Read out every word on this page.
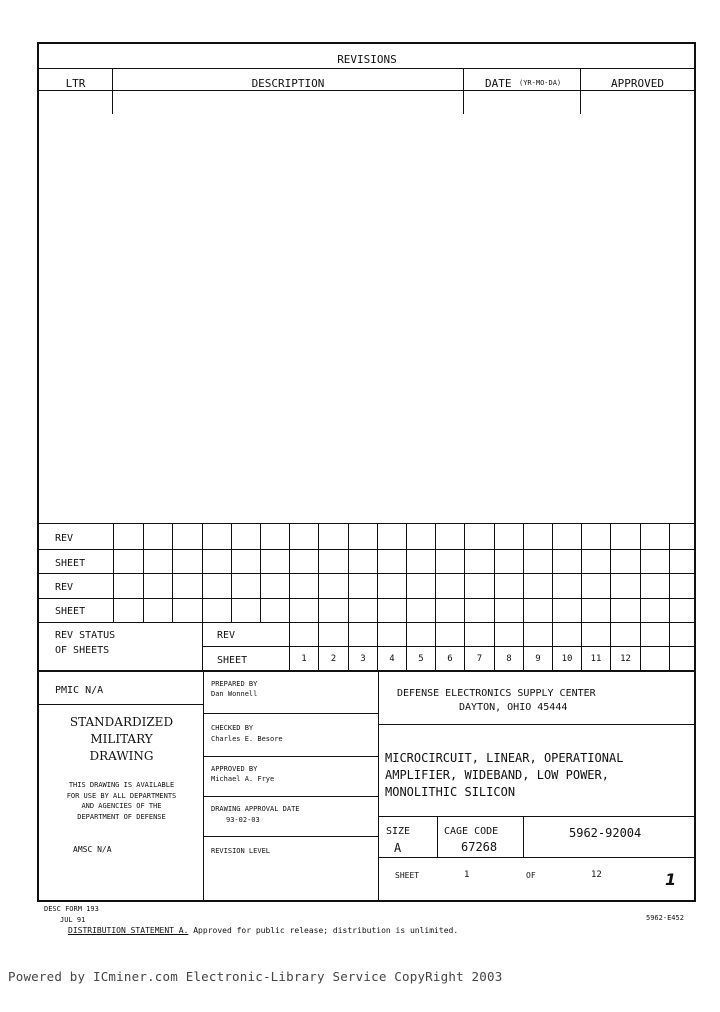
REVISIONS
LTR	DESCRIPTION	DATE (YR-MO-DA)	APPROVED
REV
SHEET
REV
SHEET
REV STATUS
OF SHEETS
REV
SHEET	1	2	3	4	5	6	7	8	9	10	11	12
PMIC N/A
STANDARDIZED
MILITARY
DRAWING
THIS DRAWING IS AVAILABLE
FOR USE BY ALL DEPARTMENTS
AND AGENCIES OF THE
DEPARTMENT OF DEFENSE
AMSC N/A
PREPARED BY
Dan Wonnell
CHECKED BY
Charles E. Besore
APPROVED BY
Michael A. Frye
DRAWING APPROVAL DATE
93-02-03
REVISION LEVEL
DEFENSE ELECTRONICS SUPPLY CENTER
DAYTON, OHIO 45444
MICROCIRCUIT, LINEAR, OPERATIONAL
AMPLIFIER, WIDEBAND, LOW POWER,
MONOLITHIC SILICON
SIZE
A
CAGE CODE
67268
5962-92004
SHEET	1	OF	12	1
DESC FORM 193
JUL 91
DISTRIBUTION STATEMENT A. Approved for public release; distribution is unlimited.
5962-E452
Powered by ICminer.com Electronic-Library Service CopyRight 2003
